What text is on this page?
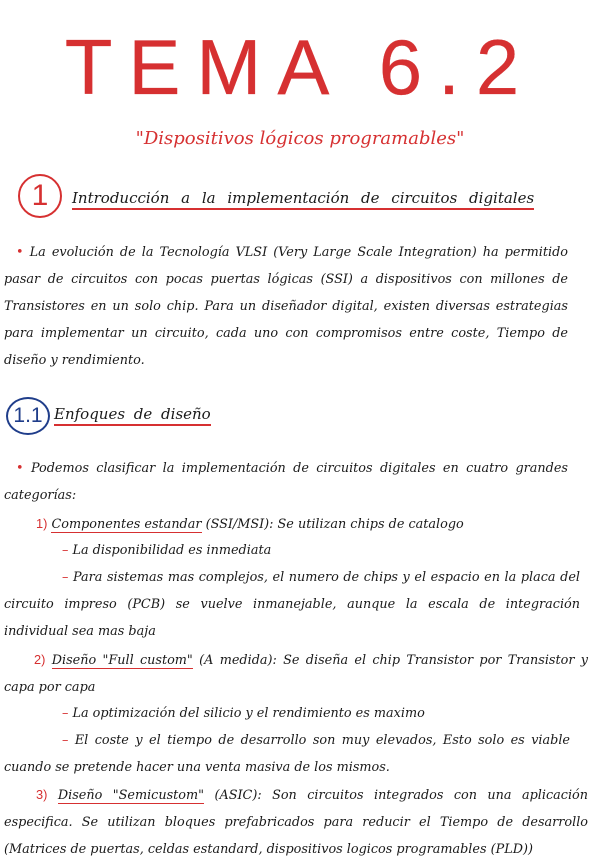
TEMA 6.2
"Dispositivos lógicos programables"
1	Introducción a la implementación de circuitos digitales
• La evolución de la Tecnología VLSI (Very Large Scale Integration) ha permitido pasar de circuitos con pocas puertas lógicas (SSI) a dispositivos con millones de Transistores en un solo chip. Para un diseñador digital, existen diversas estrategias para implementar un circuito, cada uno con compromisos entre coste, Tiempo de diseño y rendimiento.
1.1 Enfoques de diseño
• Podemos clasificar la implementación de circuitos digitales en cuatro grandes categorías:
1) Componentes estandar (SSI/MSI): Se utilizan chips de catalogo
– La disponibilidad es inmediata
– Para sistemas mas complejos, el numero de chips y el espacio en la placa del circuito impreso (PCB) se vuelve inmanejable, aunque la escala de integración individual sea mas baja
2) Diseño "Full custom" (A medida): Se diseña el chip Transistor por Transistor y capa por capa
– La optimización del silicio y el rendimiento es maximo
– El coste y el tiempo de desarrollo son muy elevados, Esto solo es viable cuando se pretende hacer una venta masiva de los mismos.
3) Diseño "Semicustom" (ASIC): Son circuitos integrados con una aplicación especifica. Se utilizan bloques prefabricados para reducir el Tiempo de desarrollo (Matrices de puertas, celdas estandard, dispositivos logicos programables (PLD))
